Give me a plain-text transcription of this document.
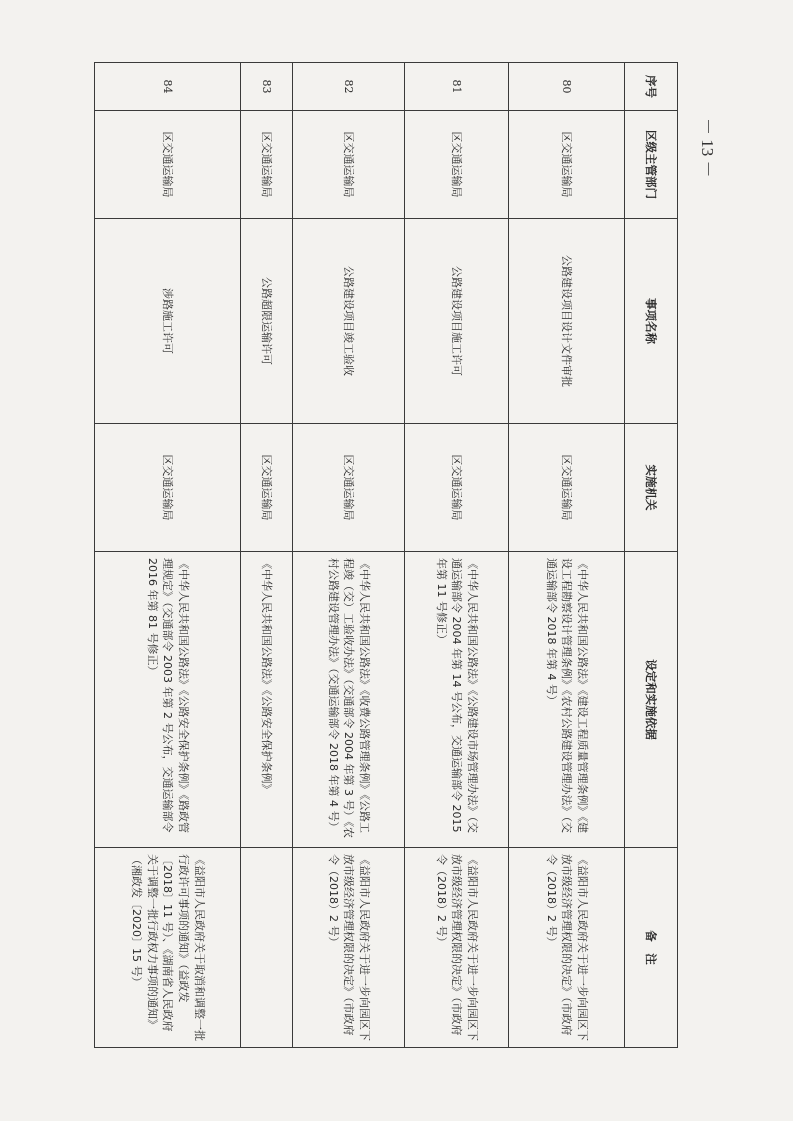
－ 13 －
序号	区级主管部门	事项名称	实施机关	设定和实施依据	备　注
80	区交通运输局	公路建设项目设计文件审批	区交通运输局	《中华人民共和国公路法》《建设工程质量管理条例》《建设工程勘察设计管理条例》《农村公路建设管理办法》（交通运输部令 2018 年第 4 号）	《益阳市人民政府关于进一步向园区下放市级经济管理权限的决定》（市政府令（2018）2 号）
81	区交通运输局	公路建设项目施工许可	区交通运输局	《中华人民共和国公路法》《公路建设市场管理办法》（交通运输部令 2004 年第 14 号公布，交通运输部令 2015 年第 11 号修正）	《益阳市人民政府关于进一步向园区下放市级经济管理权限的决定》（市政府令（2018）2 号）
82	区交通运输局	公路建设项目竣工验收	区交通运输局	《中华人民共和国公路法》《收费公路管理条例》《公路工程竣（交）工验收办法》（交通部令 2004 年第 3 号）《农村公路建设管理办法》（交通运输部令 2018 年第 4 号）	《益阳市人民政府关于进一步向园区下放市级经济管理权限的决定》（市政府令（2018）2 号）
83	区交通运输局	公路超限运输许可	区交通运输局	《中华人民共和国公路法》《公路安全保护条例》	
84	区交通运输局	涉路施工许可	区交通运输局	《中华人民共和国公路法》《公路安全保护条例》《路政管理规定》（交通部令 2003 年第 2 号公布，交通运输部令 2016 年第 81 号修正）	《益阳市人民政府关于取消和调整一批行政许可事项的通知》（益政发〔2018〕11 号）、《湖南省人民政府关于调整一批行政权力事项的通知》（湘政发〔2020〕15 号）
